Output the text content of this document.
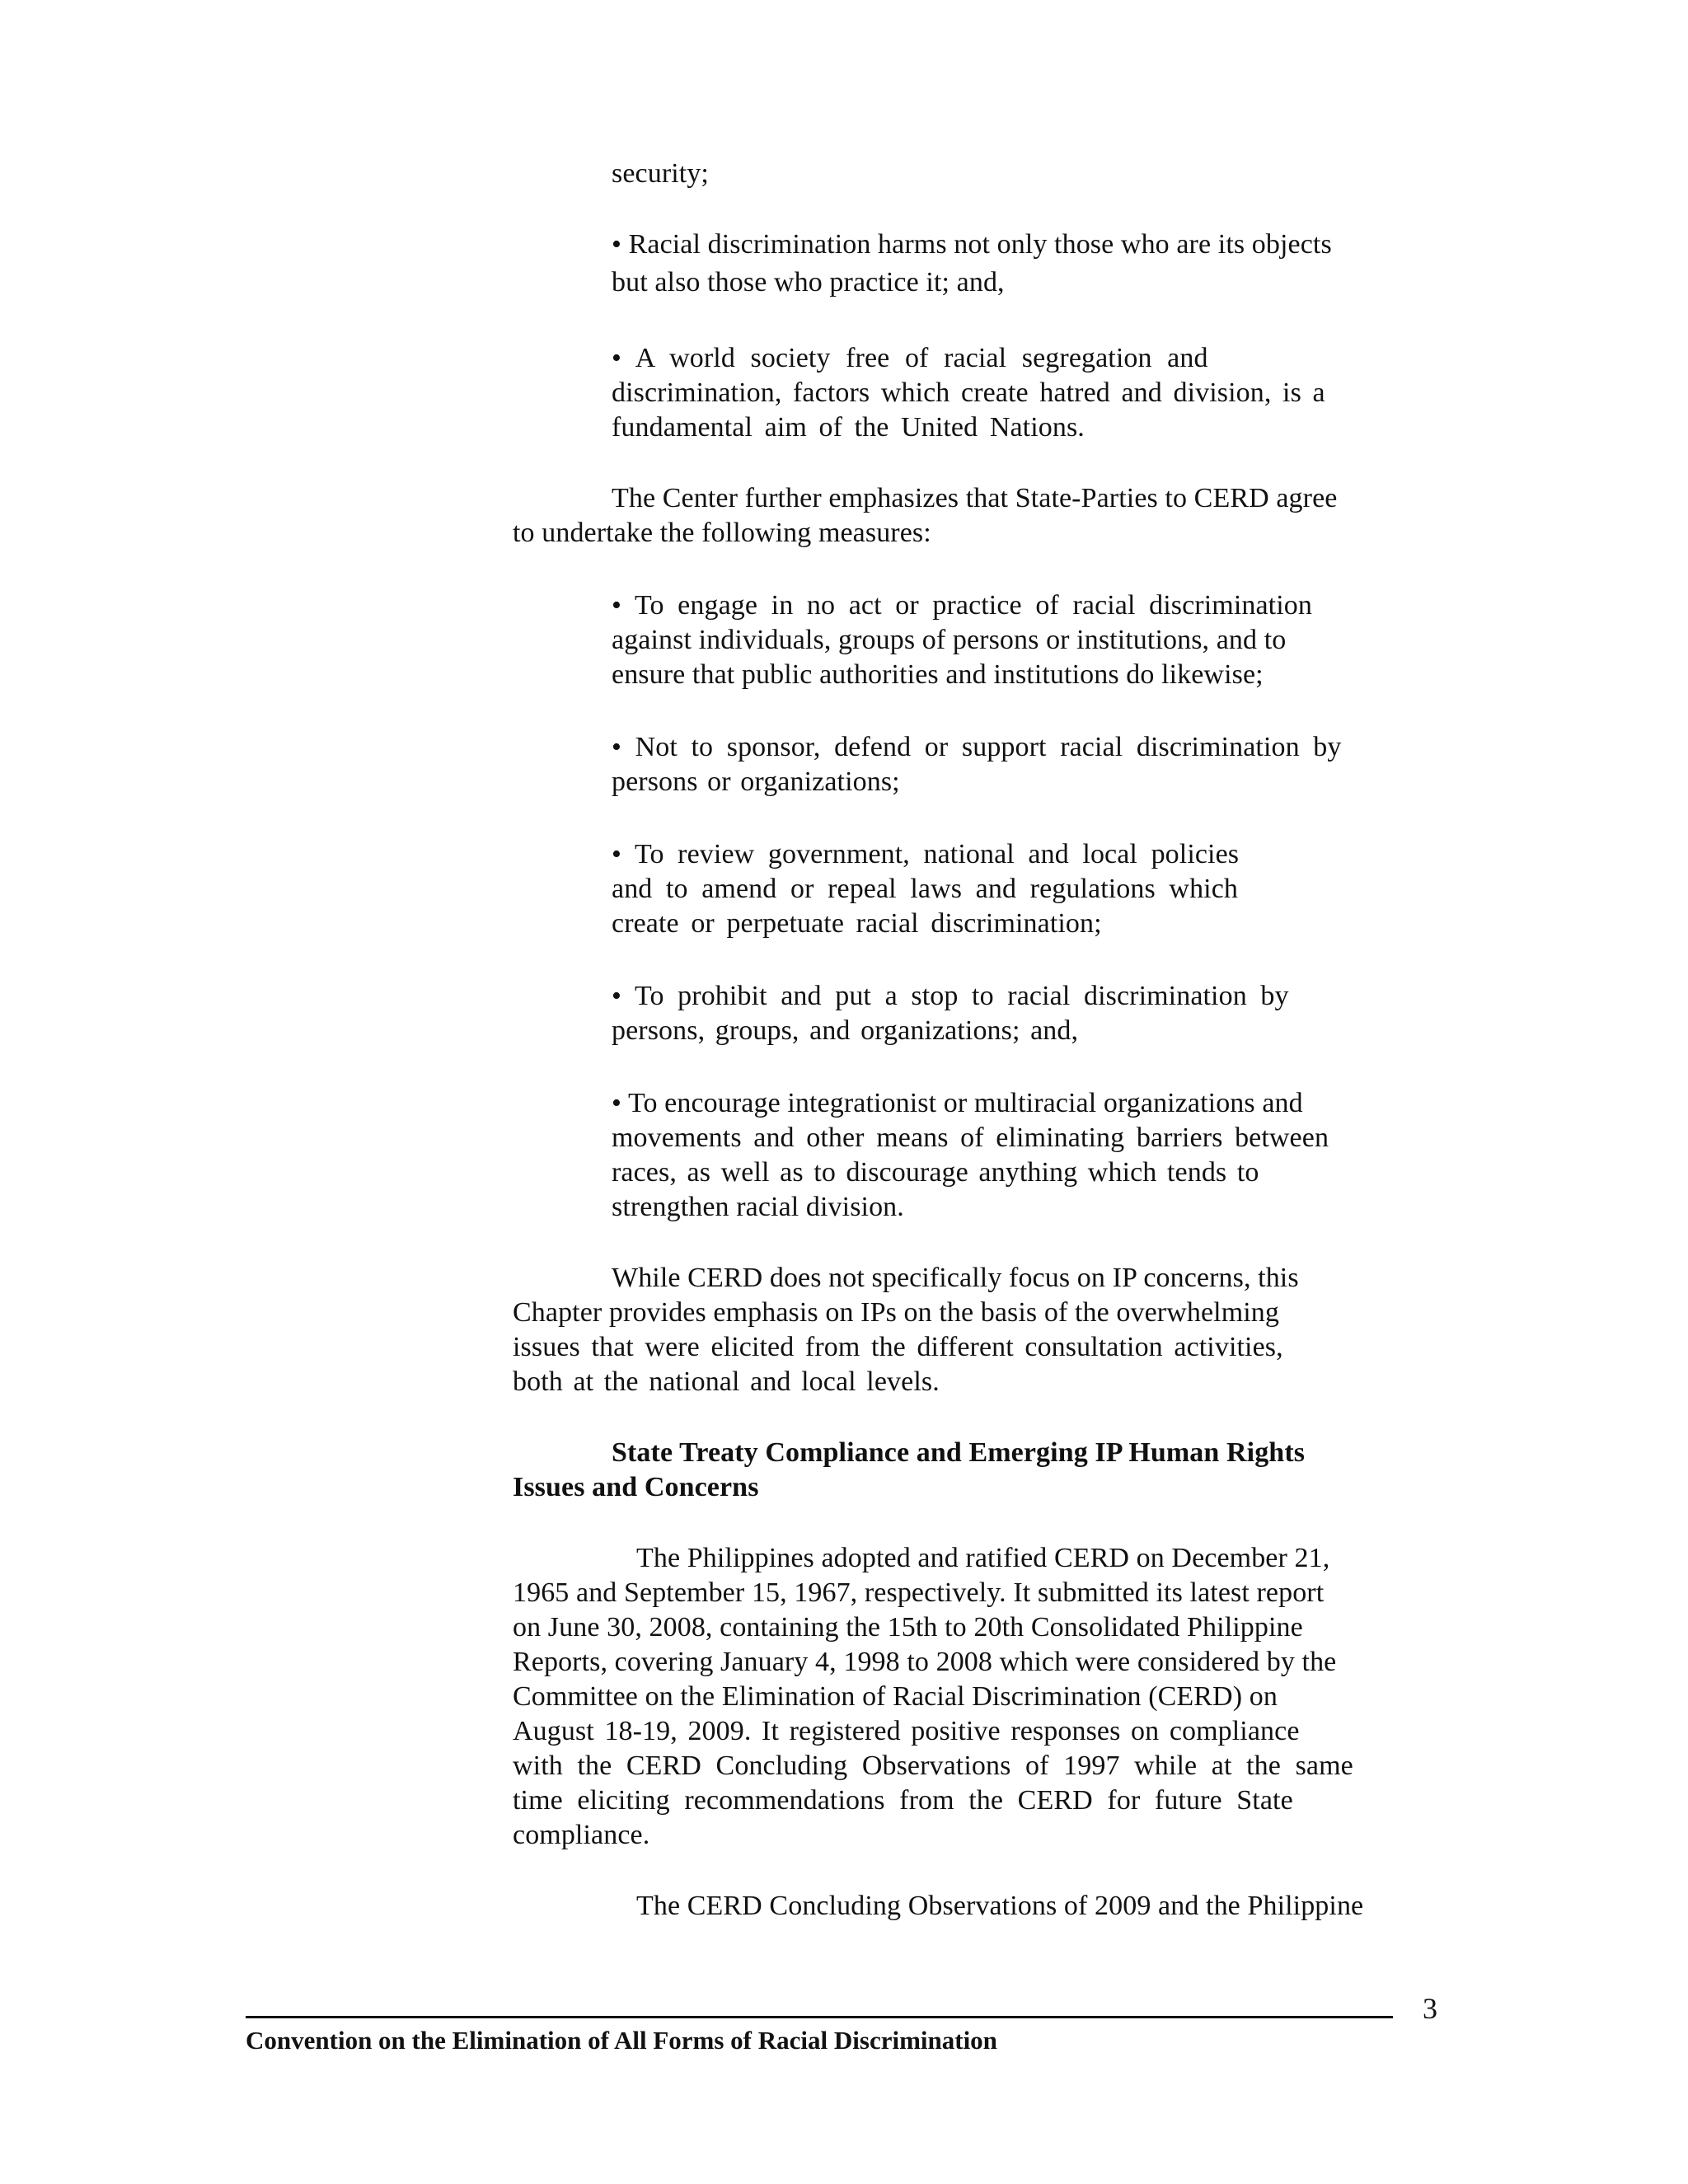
security;
• Racial discrimination harms not only those who are its objects
but also those who practice it; and,
• A world society free of racial segregation and
discrimination, factors which create hatred and division, is a
fundamental aim of the United Nations.
The Center further emphasizes that State-Parties to CERD agree
to undertake the following measures:
• To engage in no act or practice of racial discrimination
against individuals, groups of persons or institutions, and to
ensure that public authorities and institutions do likewise;
• Not to sponsor, defend or support racial discrimination by
persons or organizations;
• To review government, national and local policies
and to amend or repeal laws and regulations which
create or perpetuate racial discrimination;
• To prohibit and put a stop to racial discrimination by
persons, groups, and organizations; and,
• To encourage integrationist or multiracial organizations and
movements and other means of eliminating barriers between
races, as well as to discourage anything which tends to
strengthen racial division.
While CERD does not specifically focus on IP concerns, this
Chapter provides emphasis on IPs on the basis of the overwhelming
issues that were elicited from the different consultation activities,
both at the national and local levels.
State Treaty Compliance and Emerging IP Human Rights
Issues and Concerns
The Philippines adopted and ratified CERD on December 21,
1965 and September 15, 1967, respectively. It submitted its latest report
on June 30, 2008, containing the 15th to 20th Consolidated Philippine
Reports, covering January 4, 1998 to 2008 which were considered by the
Committee on the Elimination of Racial Discrimination (CERD) on
August 18-19, 2009. It registered positive responses on compliance
with the CERD Concluding Observations of 1997 while at the same
time eliciting recommendations from the CERD for future State
compliance.
The CERD Concluding Observations of 2009 and the Philippine
3
Convention on the Elimination of All Forms of Racial Discrimination
